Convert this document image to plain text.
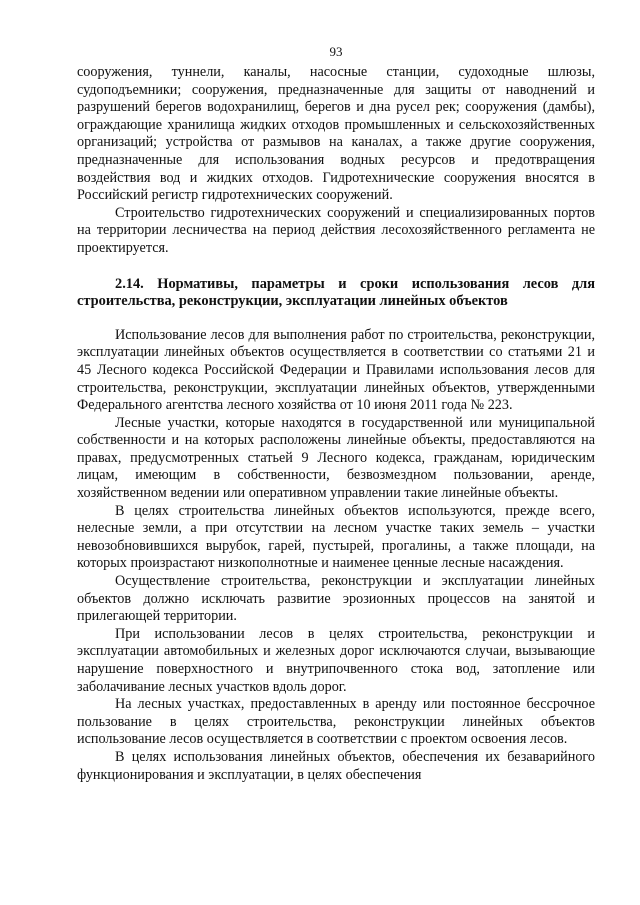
93

сооружения, туннели, каналы, насосные станции, судоходные шлюзы, судоподъемники; сооружения, предназначенные для защиты от наводнений и разрушений берегов водохранилищ, берегов и дна русел рек; сооружения (дамбы), ограждающие хранилища жидких отходов промышленных и сельскохозяйственных организаций; устройства от размывов на каналах, а также другие сооружения, предназначенные для использования водных ресурсов и предотвращения воздействия вод и жидких отходов. Гидротехнические сооружения вносятся в Российский регистр гидротехнических сооружений.

Строительство гидротехнических сооружений и специализированных портов на территории лесничества на период действия лесохозяйственного регламента не проектируется.

2.14. Нормативы, параметры и сроки использования лесов для строительства, реконструкции, эксплуатации линейных объектов

Использование лесов для выполнения работ по строительства, реконструкции, эксплуатации линейных объектов осуществляется в соответствии со статьями 21 и 45 Лесного кодекса Российской Федерации и Правилами использования лесов для строительства, реконструкции, эксплуатации линейных объектов, утвержденными Федерального агентства лесного хозяйства от 10 июня 2011 года № 223.

Лесные участки, которые находятся в государственной или муниципальной собственности и на которых расположены линейные объекты, предоставляются на правах, предусмотренных статьей 9 Лесного кодекса, гражданам, юридическим лицам, имеющим в собственности, безвозмездном пользовании, аренде, хозяйственном ведении или оперативном управлении такие линейные объекты.

В целях строительства линейных объектов используются, прежде всего, нелесные земли, а при отсутствии на лесном участке таких земель – участки невозобновившихся вырубок, гарей, пустырей, прогалины, а также площади, на которых произрастают низкополнотные и наименее ценные лесные насаждения.

Осуществление строительства, реконструкции и эксплуатации линейных объектов должно исключать развитие эрозионных процессов на занятой и прилегающей территории.

При использовании лесов в целях строительства, реконструкции и эксплуатации автомобильных и железных дорог исключаются случаи, вызывающие нарушение поверхностного и внутрипочвенного стока вод, затопление или заболачивание лесных участков вдоль дорог.

На лесных участках, предоставленных в аренду или постоянное бессрочное пользование в целях строительства, реконструкции линейных объектов использование лесов осуществляется в соответствии с проектом освоения лесов.

В целях использования линейных объектов, обеспечения их безаварийного функционирования и эксплуатации, в целях обеспечения
